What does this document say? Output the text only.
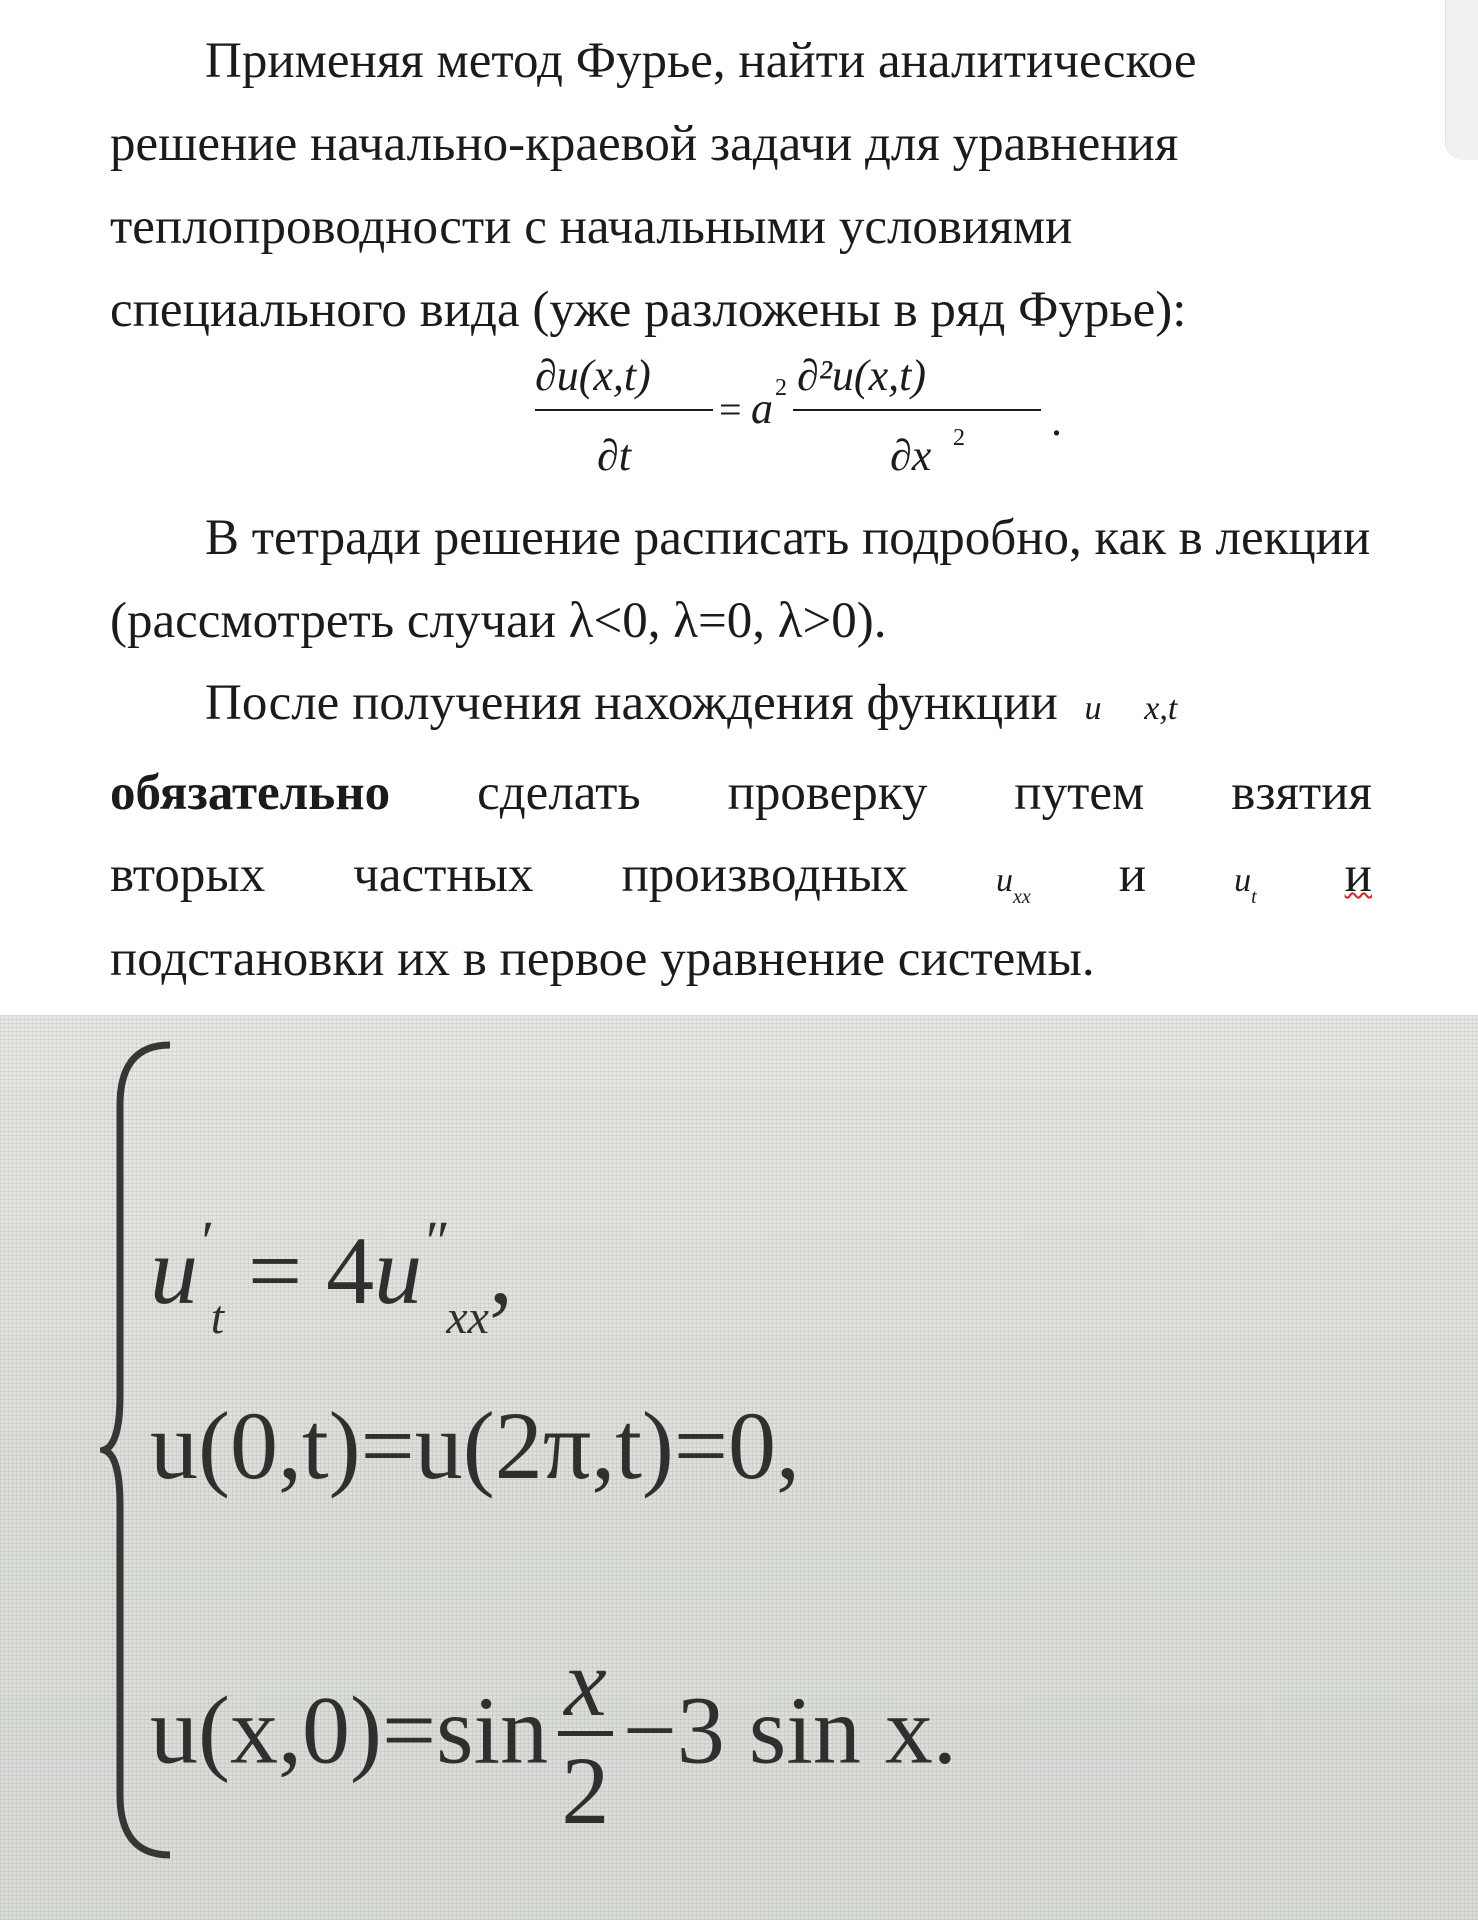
Применяя метод Фурье, найти аналитическое
решение начально-краевой задачи для уравнения
теплопроводности с начальными условиями
специального вида (уже разложены в ряд Фурье):
∂u(x,t)
∂t
= a 2 ∂²u(x,t)
∂x 2 .

В тетради решение расписать подробно, как в лекции (рассмотреть случаи λ<0, λ=0, λ>0).

После получения нахождения функции u x,t
обязательно сделать проверку путем взятия
вторых частных производных	$u_{xx}$ и	$u_t$ и

подстановки их в первое уравнение системы.

$u'_t = 4u''_{xx}$,
u(0,t)=u(2π,t)=0,
$u(x,0)=\sin \frac{x}{2} -3$ sin x.
